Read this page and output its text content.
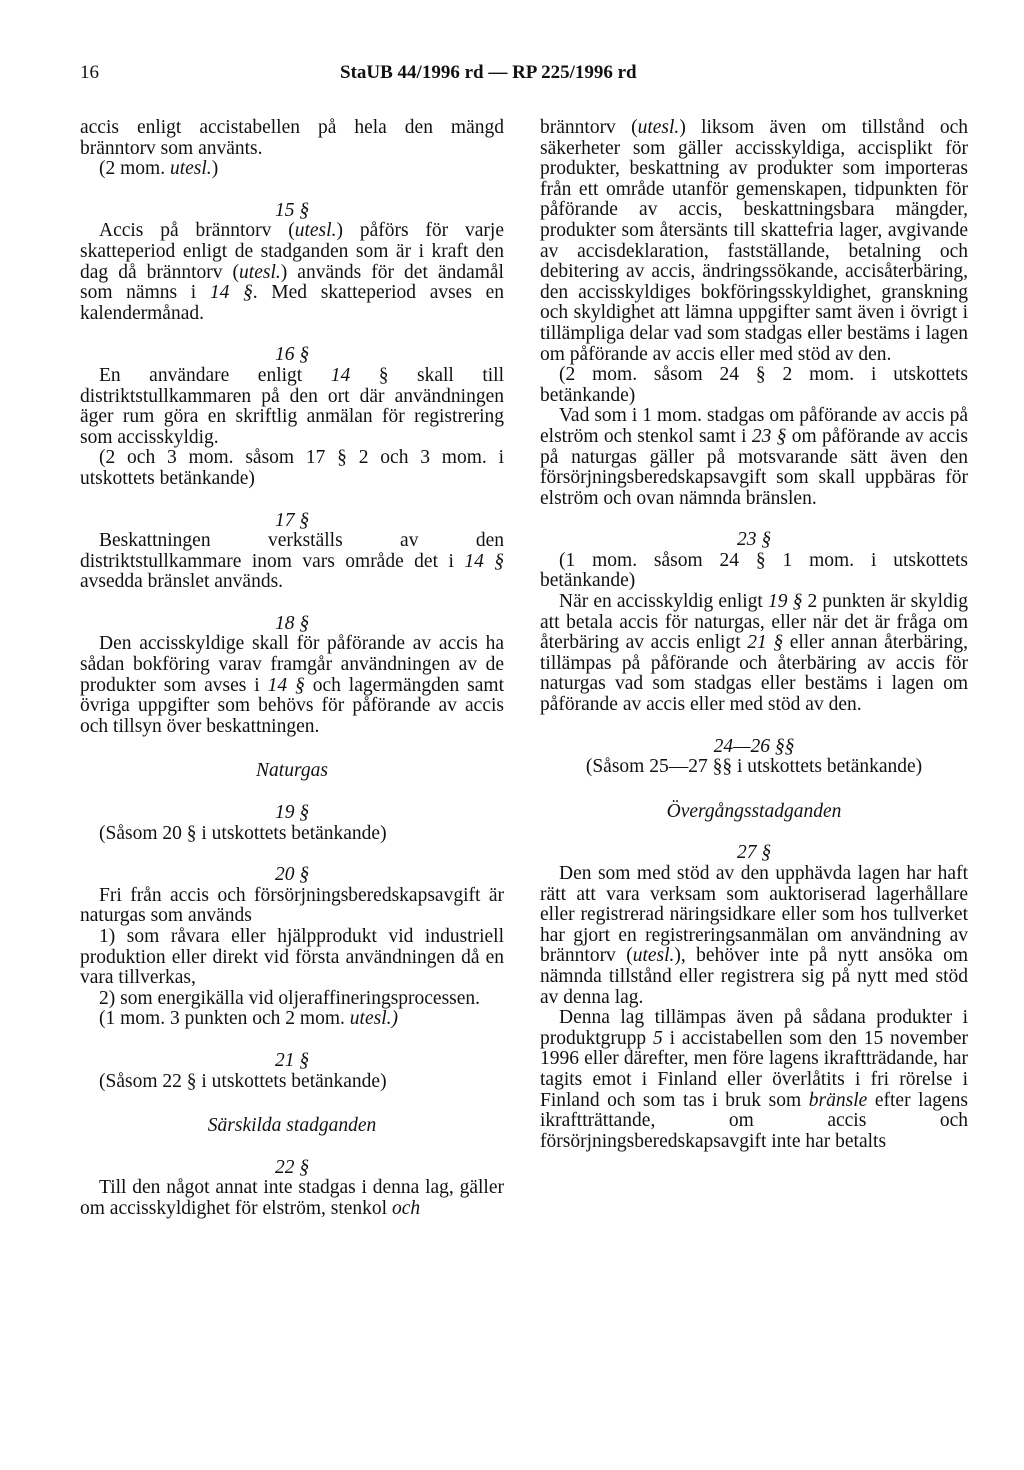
16	StaUB 44/1996 rd — RP 225/1996 rd

accis enligt accistabellen på hela den mängd bränntorv som använts.

(2 mom. utesl.)

15 §

Accis på bränntorv (utesl.) påförs för varje skatteperiod enligt de stadganden som är i kraft den dag då bränntorv (utesl.) används för det ändamål som nämns i 14 §. Med skatteperiod avses en kalendermånad.

16 §

En användare enligt 14 § skall till distriktstullkammaren på den ort där användningen äger rum göra en skriftlig anmälan för registrering som accisskyldig.

(2 och 3 mom. såsom 17 § 2 och 3 mom. i utskottets betänkande)

17 §

Beskattningen verkställs av den distriktstullkammare inom vars område det i 14 § avsedda bränslet används.

18 §

Den accisskyldige skall för påförande av accis ha sådan bokföring varav framgår användningen av de produkter som avses i 14 § och lagermängden samt övriga uppgifter som behövs för påförande av accis och tillsyn över beskattningen.

Naturgas

19 §

(Såsom 20 § i utskottets betänkande)

20 §

Fri från accis och försörjningsberedskapsavgift är naturgas som används

1) som råvara eller hjälpprodukt vid industriell produktion eller direkt vid första användningen då en vara tillverkas,

2) som energikälla vid oljeraffineringsprocessen.

(1 mom. 3 punkten och 2 mom. utesl.)

21 §

(Såsom 22 § i utskottets betänkande)

Särskilda stadganden

22 §

Till den något annat inte stadgas i denna lag, gäller om accisskyldighet för elström, stenkol och

bränntorv (utesl.) liksom även om tillstånd och säkerheter som gäller accisskyldiga, accisplikt för produkter, beskattning av produkter som importeras från ett område utanför gemenskapen, tidpunkten för påförande av accis, beskattningsbara mängder, produkter som återsänts till skattefria lager, avgivande av accisdeklaration, fastställande, betalning och debitering av accis, ändringssökande, accisåterbäring, den accisskyldiges bokföringsskyldighet, granskning och skyldighet att lämna uppgifter samt även i övrigt i tillämpliga delar vad som stadgas eller bestäms i lagen om påförande av accis eller med stöd av den.

(2 mom. såsom 24 § 2 mom. i utskottets betänkande)

Vad som i 1 mom. stadgas om påförande av accis på elström och stenkol samt i 23 § om påförande av accis på naturgas gäller på motsvarande sätt även den försörjningsberedskapsavgift som skall uppbäras för elström och ovan nämnda bränslen.

23 §

(1 mom. såsom 24 § 1 mom. i utskottets betänkande)

När en accisskyldig enligt 19 § 2 punkten är skyldig att betala accis för naturgas, eller när det är fråga om återbäring av accis enligt 21 § eller annan återbäring, tillämpas på påförande och återbäring av accis för naturgas vad som stadgas eller bestäms i lagen om påförande av accis eller med stöd av den.

24—26 §§

(Såsom 25—27 §§ i utskottets betänkande)

Övergångsstadganden

27 §

Den som med stöd av den upphävda lagen har haft rätt att vara verksam som auktoriserad lagerhållare eller registrerad näringsidkare eller som hos tullverket har gjort en registreringsanmälan om användning av bränntorv (utesl.), behöver inte på nytt ansöka om nämnda tillstånd eller registrera sig på nytt med stöd av denna lag.

Denna lag tillämpas även på sådana produkter i produktgrupp 5 i accistabellen som den 15 november 1996 eller därefter, men före lagens ikraftträdande, har tagits emot i Finland eller överlåtits i fri rörelse i Finland och som tas i bruk som bränsle efter lagens ikraftträttande, om accis och försörjningsberedskapsavgift inte har betalts
